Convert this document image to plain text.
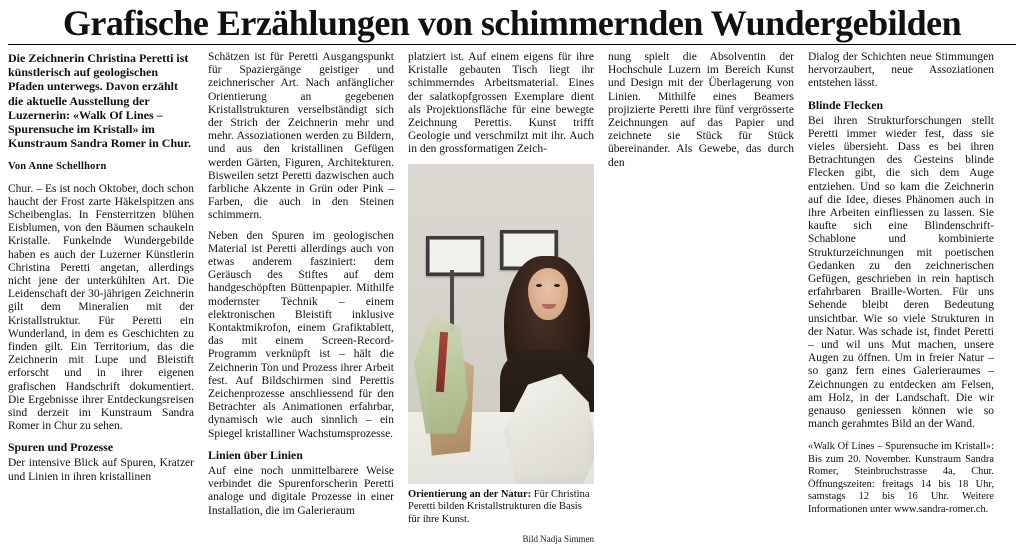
Grafische Erzählungen von schimmernden Wundergebilden

Die Zeichnerin Christina Peretti ist künstlerisch auf geologischen Pfaden unterwegs. Davon erzählt die aktuelle Ausstellung der Luzernerin: «Walk Of Lines – Spurensuche im Kristall» im Kunstraum Sandra Romer in Chur.

Von Anne Schellhorn

Chur. – Es ist noch Oktober, doch schon haucht der Frost zarte Häkelspitzen ans Scheibenglas. In Fensterritzen blühen Eisblumen, von den Bäumen schaukeln Kristalle. Funkelnde Wundergebilde haben es auch der Luzerner Künstlerin Christina Peretti angetan, allerdings nicht jene der unterkühlten Art. Die Leidenschaft der 30-jährigen Zeichnerin gilt dem Mineralien mit der Kristallstruktur. Für Peretti ein Wunderland, in dem es Geschichten zu finden gilt. Ein Territorium, das die Zeichnerin mit Lupe und Bleistift erforscht und in ihrer eigenen grafischen Handschrift dokumentiert. Die Ergebnisse ihrer Entdeckungsreisen sind derzeit im Kunstraum Sandra Romer in Chur zu sehen.

Spuren und Prozesse

Der intensive Blick auf Spuren, Kratzer und Linien in ihren kristallinen

Schätzen ist für Peretti Ausgangspunkt für Spaziergänge geistiger und zeichnerischer Art. Nach anfänglicher Orientierung an gegebenen Kristallstrukturen verselbständigt sich der Strich der Zeichnerin mehr und mehr. Assoziationen werden zu Bildern, und aus den kristallinen Gefügen werden Gärten, Figuren, Architekturen. Bisweilen setzt Peretti dazwischen auch farbliche Akzente in Grün oder Pink – Farben, die auch in den Steinen schimmern.

Neben den Spuren im geologischen Material ist Peretti allerdings auch von etwas anderem fasziniert: dem Geräusch des Stiftes auf dem handgeschöpften Büttenpapier. Mithilfe modernster Technik – einem elektronischen Bleistift inklusive Kontaktmikrofon, einem Grafiktablett, das mit einem Screen-Record-Programm verknüpft ist – hält die Zeichnerin Ton und Prozess ihrer Arbeit fest. Auf Bildschirmen sind Perettis Zeichenprozesse anschliessend für den Betrachter als Animationen erfahrbar, dynamisch wie auch sinnlich – ein Spiegel kristalliner Wachstumsprozesse.

Linien über Linien

Auf eine noch unmittelbarere Weise verbindet die Spurenforscherin Peretti analoge und digitale Prozesse in einer Installation, die im Galerieraum

platziert ist. Auf einem eigens für ihre Kristalle gebauten Tisch liegt ihr schimmerndes Arbeitsmaterial. Eines der salatkopfgrossen Exemplare dient als Projektionsfläche für eine bewegte Zeichnung Perettis. Kunst trifft Geologie und verschmilzt mit ihr. Auch in den grossformatigen Zeich-

Orientierung an der Natur: Für Christina Peretti bilden Kristallstrukturen die Basis für ihre Kunst.

Bild Nadja Simmen

nung spielt die Absolventin der Hochschule Luzern im Bereich Kunst und Design mit der Überlagerung von Linien. Mithilfe eines Beamers projizierte Peretti ihre fünf vergrösserte Zeichnungen auf das Papier und zeichnete sie Stück für Stück übereinander. Als Gewebe, das durch den

Dialog der Schichten neue Stimmungen hervorzaubert, neue Assoziationen entstehen lässt.

Blinde Flecken

Bei ihren Strukturforschungen stellt Peretti immer wieder fest, dass sie vieles übersieht. Dass es bei ihren Betrachtungen des Gesteins blinde Flecken gibt, die sich dem Auge entziehen. Und so kam die Zeichnerin auf die Idee, dieses Phänomen auch in ihre Arbeiten einfliessen zu lassen. Sie kaufte sich eine Blindenschrift-Schablone und kombinierte Strukturzeichnungen mit poetischen Gedanken zu den zeichnerischen Gefügen, geschrieben in rein haptisch erfahrbaren Braille-Worten. Für uns Sehende bleibt deren Bedeutung unsichtbar. Wie so viele Strukturen in der Natur. Was schade ist, findet Peretti – und wil uns Mut machen, unsere Augen zu öffnen. Um in freier Natur – so ganz fern eines Galerieraumes – Zeichnungen zu entdecken am Felsen, am Holz, in der Landschaft. Die wir genauso geniessen können wie so manch gerahmtes Bild an der Wand.

«Walk Of Lines – Spurensuche im Kristall»: Bis zum 20. November. Kunstraum Sandra Romer, Steinbruchstrasse 4a, Chur. Öffnungszeiten: freitags 14 bis 18 Uhr, samstags 12 bis 16 Uhr. Weitere Informationen unter www.sandra-romer.ch.
